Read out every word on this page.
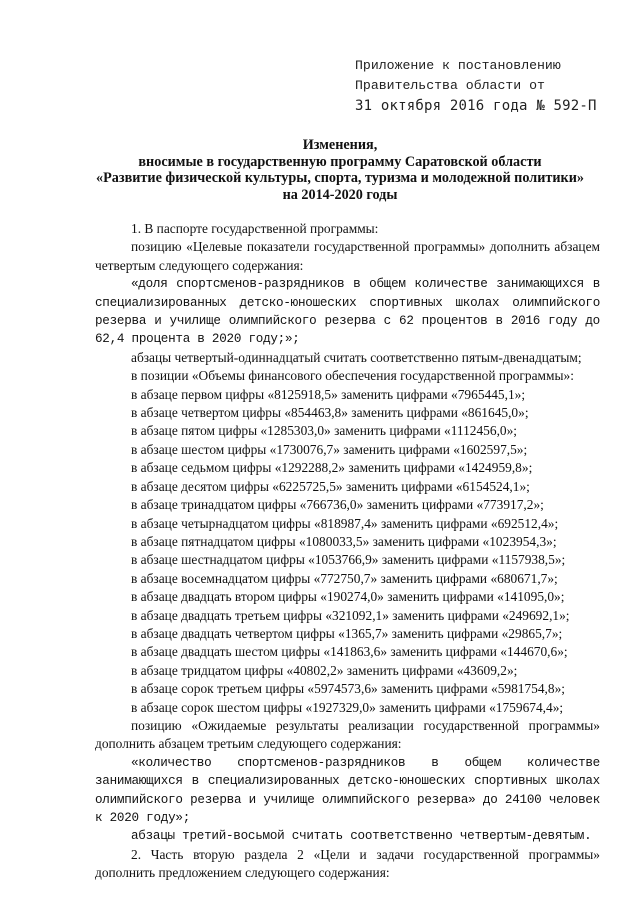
Приложение к постановлению
Правительства области от
31 октября 2016 года № 592-П
Изменения,
вносимые в государственную программу Саратовской области
«Развитие физической культуры, спорта, туризма и молодежной политики»
на 2014-2020 годы

1. В паспорте государственной программы:

позицию «Целевые показатели государственной программы» дополнить абзацем четвертым следующего содержания:

«доля спортсменов-разрядников в общем количестве занимающихся в специализированных детско-юношеских спортивных школах олимпийского резерва и училище олимпийского резерва с 62 процентов в 2016 году до 62,4 процента в 2020 году;»;

абзацы четвертый-одиннадцатый считать соответственно пятым-двенадцатым;

в позиции «Объемы финансового обеспечения государственной программы»:

в абзаце первом цифры «8125918,5» заменить цифрами «7965445,1»;

в абзаце четвертом цифры «854463,8» заменить цифрами «861645,0»;

в абзаце пятом цифры «1285303,0» заменить цифрами «1112456,0»;

в абзаце шестом цифры «1730076,7» заменить цифрами «1602597,5»;

в абзаце седьмом цифры «1292288,2» заменить цифрами «1424959,8»;

в абзаце десятом цифры «6225725,5» заменить цифрами «6154524,1»;

в абзаце тринадцатом цифры «766736,0» заменить цифрами «773917,2»;

в абзаце четырнадцатом цифры «818987,4» заменить цифрами «692512,4»;

в абзаце пятнадцатом цифры «1080033,5» заменить цифрами «1023954,3»;

в абзаце шестнадцатом цифры «1053766,9» заменить цифрами «1157938,5»;

в абзаце восемнадцатом цифры «772750,7» заменить цифрами «680671,7»;

в абзаце двадцать втором цифры «190274,0» заменить цифрами «141095,0»;

в абзаце двадцать третьем цифры «321092,1» заменить цифрами «249692,1»;

в абзаце двадцать четвертом цифры «1365,7» заменить цифрами «29865,7»;

в абзаце двадцать шестом цифры «141863,6» заменить цифрами «144670,6»;

в абзаце тридцатом цифры «40802,2» заменить цифрами «43609,2»;

в абзаце сорок третьем цифры «5974573,6» заменить цифрами «5981754,8»;

в абзаце сорок шестом цифры «1927329,0» заменить цифрами «1759674,4»;

позицию «Ожидаемые результаты реализации государственной программы» дополнить абзацем третьим следующего содержания:

«количество спортсменов-разрядников в общем количестве занимающихся в специализированных детско-юношеских спортивных школах олимпийского резерва и училище олимпийского резерва» до 24100 человек к 2020 году»;

абзацы третий-восьмой считать соответственно четвертым-девятым.

2. Часть вторую раздела 2 «Цели и задачи государственной программы» дополнить предложением следующего содержания:
